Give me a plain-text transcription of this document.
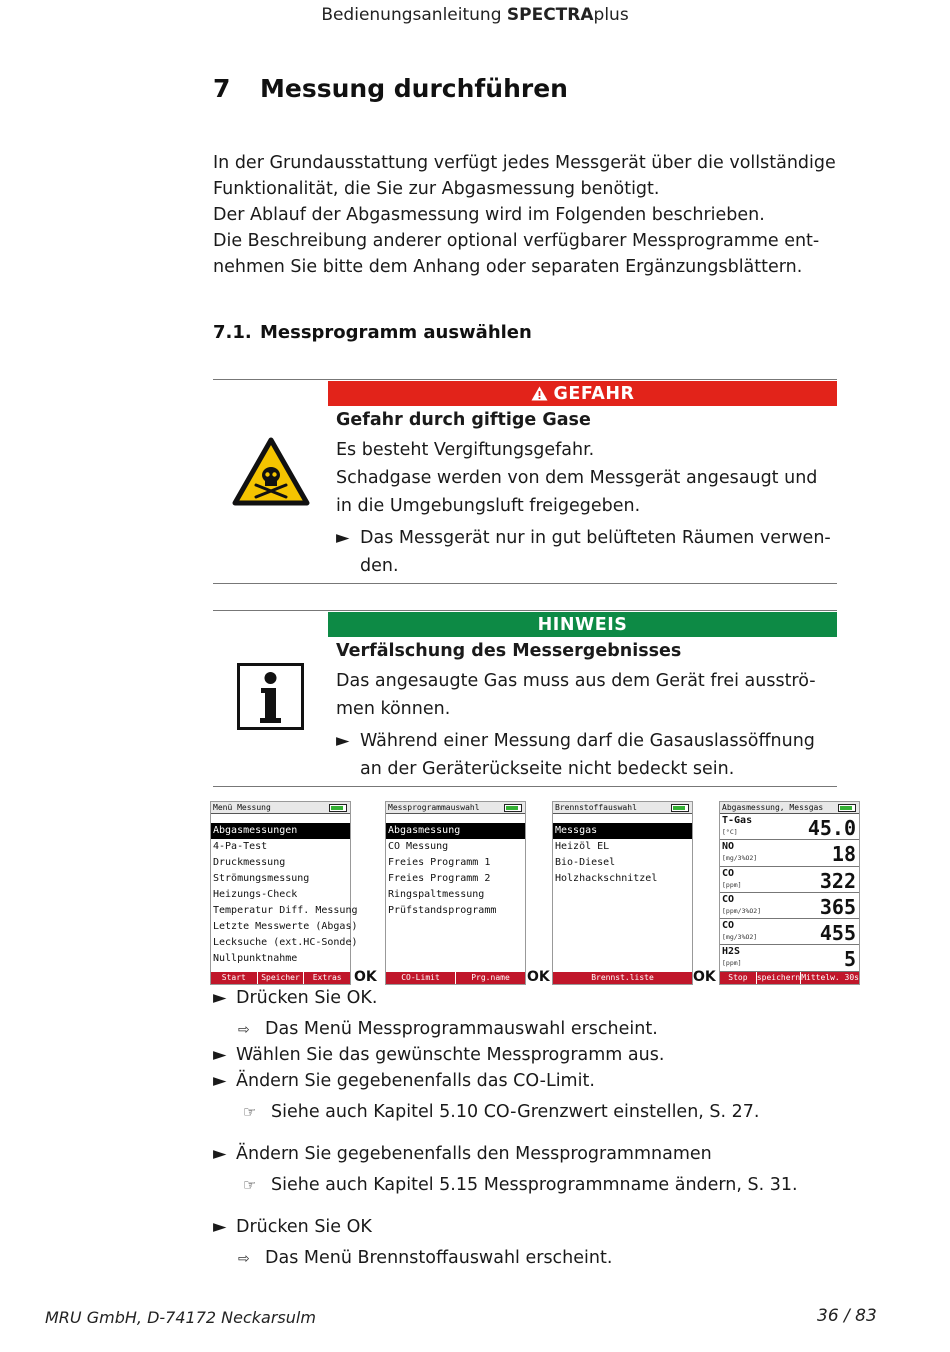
Bedienungsanleitung SPECTRAplus
7 Messung durchführen

In der Grundausstattung verfügt jedes Messgerät über die vollständige

Funktionalität, die Sie zur Abgasmessung benötigt.

Der Ablauf der Abgasmessung wird im Folgenden beschrieben.

Die Beschreibung anderer optional verfügbarer Messprogramme ent-

nehmen Sie bitte dem Anhang oder separaten Ergänzungsblättern.

7.1. Messprogramm auswählen
GEFAHR
Gefahr durch giftige Gase
Es besteht Vergiftungsgefahr.
Schadgase werden von dem Messgerät angesaugt und
in die Umgebungsluft freigegeben.
► Das Messgerät nur in gut belüfteten Räumen verwen-
den.
HINWEIS
Verfälschung des Messergebnisses
Das angesaugte Gas muss aus dem Gerät frei ausströ-
men können.
► Während einer Messung darf die Gasauslassöffnung
an der Geräterückseite nicht bedeckt sein.
Menü Messung
Abgasmessungen
4-Pa-Test
Druckmessung
Strömungsmessung
Heizungs-Check
Temperatur Diff. Messung
Letzte Messwerte (Abgas)
Lecksuche (ext.HC-Sonde)
Nullpunktnahme
Start	Speicher	Extras OK
Messprogrammauswahl
Abgasmessung
CO Messung
Freies Programm 1
Freies Programm 2
Ringspaltmessung
Prüfstandsprogramm
CO-Limit	Prg.name	OK
Brennstoffauswahl
Messgas
Heizöl EL
Bio-Diesel
Holzhackschnitzel
Brennst.liste	OK
Abgasmessung, Messgas
T-Gas
[°C]	45.0
NO
[mg/3%O2]	18
CO
[ppm]	322
CO
[ppm/3%O2]	365
CO
[mg/3%O2]	455
H2S
[ppm]	5
Stop	speichern Mittelw. 30s
► Drücken Sie OK.
⇨ Das Menü Messprogrammauswahl erscheint.
► Wählen Sie das gewünschte Messprogramm aus.
► Ändern Sie gegebenenfalls das CO-Limit.
☞ Siehe auch Kapitel 5.10 CO-Grenzwert einstellen, S. 27.
► Ändern Sie gegebenenfalls den Messprogrammnamen
☞ Siehe auch Kapitel 5.15 Messprogrammname ändern, S. 31.
► Drücken Sie OK
⇨ Das Menü Brennstoffauswahl erscheint.
MRU GmbH, D-74172 Neckarsulm	36 / 83
